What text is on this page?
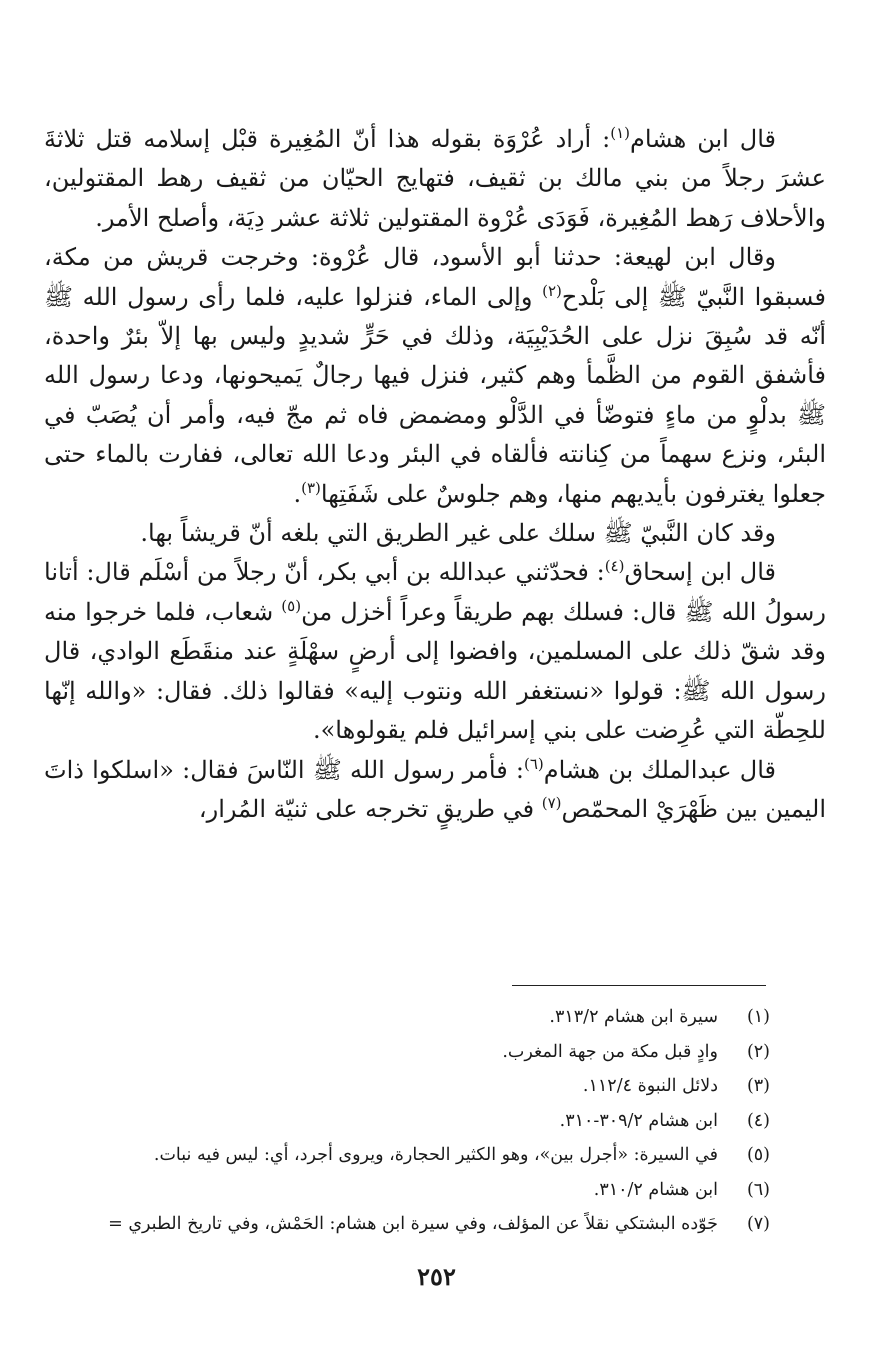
قال ابن هشام$^{(١)}$: أراد عُرْوَة بقوله هذا أنّ المُغِيرة قبْل إسلامه قتل ثلاثةَ عشرَ رجلاً من بني مالك بن ثقيف، فتهايج الحيّان من ثقيف رهط المقتولين، والأحلاف رَهط المُغِيرة، فَوَدَى عُرْوة المقتولين ثلاثة عشر دِيَة، وأصلح الأمر.

وقال ابن لهيعة: حدثنا أبو الأسود، قال عُرْوة: وخرجت قريش من مكة، فسبقوا النَّبيّ ﷺ إلى بَلْدح$^{(٢)}$ وإلى الماء، فنزلوا عليه، فلما رأى رسول الله ﷺ أنّه قد سُبِقَ نزل على الحُدَيْبِيَة، وذلك في حَرٍّ شديدٍ وليس بها إلاّ بئرٌ واحدة، فأشفق القوم من الظَّمأ وهم كثير، فنزل فيها رجالٌ يَميحونها، ودعا رسول الله ﷺ بدلْوٍ من ماءٍ فتوضّأ في الدَّلْو ومضمض فاه ثم مجّ فيه، وأمر أن يُصَبّ في البئر، ونزع سهماً من كِنانته فألقاه في البئر ودعا الله تعالى، ففارت بالماء حتى جعلوا يغترفون بأيديهم منها، وهم جلوسٌ على شَفَتِها$^{(٣)}$.

وقد كان النَّبيّ ﷺ سلك على غير الطريق التي بلغه أنّ قريشاً بها.

قال ابن إسحاق$^{(٤)}$: فحدّثني عبدالله بن أبي بكر، أنّ رجلاً من أسْلَم قال: أتانا رسولُ الله ﷺ قال: فسلك بهم طريقاً وعراً أخزل من$^{(٥)}$ شعاب، فلما خرجوا منه وقد شقّ ذلك على المسلمين، وافضوا إلى أرضٍ سهْلَةٍ عند منقَطَع الوادي، قال رسول الله ﷺ: قولوا «نستغفر الله ونتوب إليه» فقالوا ذلك. فقال: «والله إنّها للحِطّة التي عُرِضت على بني إسرائيل فلم يقولوها».

قال عبدالملك بن هشام$^{(٦)}$: فأمر رسول الله ﷺ النّاسَ فقال: «اسلكوا ذاتَ اليمين بين ظَهْرَيْ المحمّص$^{(٧)}$ في طريقٍ تخرجه على ثنيّة المُرار،

(١)سيرة ابن هشام ٣١٣/٢.
(٢)وادٍ قبل مكة من جهة المغرب.
(٣)دلائل النبوة ١١٢/٤.
(٤)ابن هشام ٣٠٩/٢-٣١٠.
(٥)في السيرة: «أجرل بين»، وهو الكثير الحجارة، ويروى أجرد، أي: ليس فيه نبات.
(٦)ابن هشام ٣١٠/٢.
(٧)جَوّده البشتكي نقلاً عن المؤلف، وفي سيرة ابن هشام: الحَمْش، وفي تاريخ الطبري =
٢٥٢
